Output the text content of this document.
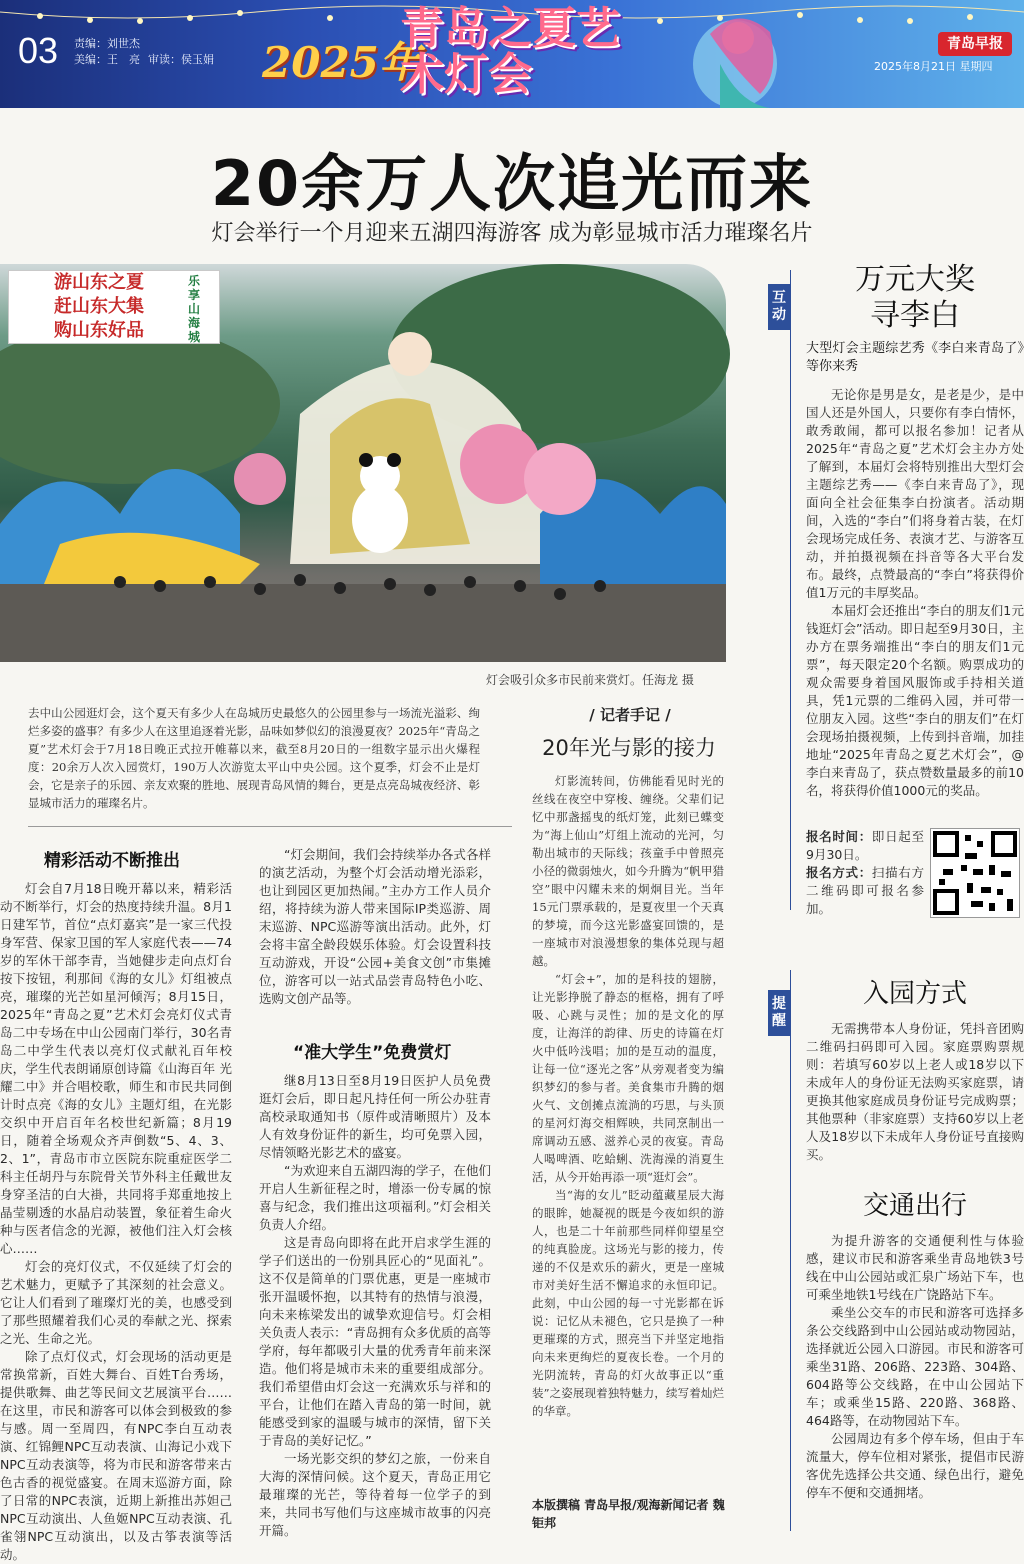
03 责编：刘世杰
美编：王　亮 审读：侯玉娟 2025年
青岛之夏艺术灯会
青岛早报
2025年8月21日 星期四
20余万人次追光而来
灯会举行一个月迎来五湖四海游客 成为彰显城市活力璀璨名片
游山东之夏
赶山东大集
购山东好品
乐享山海城
灯会吸引众多市民前来赏灯。任海龙 摄
去中山公园逛灯会，这个夏天有多少人在岛城历史最悠久的公园里参与一场流光溢彩、绚烂多姿的盛事？有多少人在这里追逐着光影，品味如梦似幻的浪漫夏夜？2025年“青岛之夏”艺术灯会于7月18日晚正式拉开帷幕以来，截至8月20日的一组数字显示出火爆程度：20余万人次入园赏灯，190万人次游览太平山中央公园。这个夏季，灯会不止是灯会，它是亲子的乐园、亲友欢聚的胜地、展现青岛风情的舞台，更是点亮岛城夜经济、彰显城市活力的璀璨名片。
精彩活动不断推出

灯会自7月18日晚开幕以来，精彩活动不断举行，灯会的热度持续升温。8月1日建军节，首位“点灯嘉宾”是一家三代投身军营、保家卫国的军人家庭代表——74岁的军休干部李青，当她健步走向点灯台按下按钮，利那间《海的女儿》灯组被点亮，璀璨的光芒如星河倾泻；8月15日，2025年“青岛之夏”艺术灯会亮灯仪式青岛二中专场在中山公园南门举行，30名青岛二中学生代表以亮灯仪式献礼百年校庆，学生代表朗诵原创诗篇《山海百年 光耀二中》并合唱校歌，师生和市民共同倒计时点亮《海的女儿》主题灯组，在光影交织中开启百年名校世纪新篇；8月19日，随着全场观众齐声倒数“5、4、3、2、1”，青岛市市立医院东院重症医学二科主任胡丹与东院骨关节外科主任戴世友身穿圣洁的白大褂，共同将手郑重地按上晶莹剔透的水晶启动装置，象征着生命火种与医者信念的光源，被他们注入灯会核心……

灯会的亮灯仪式，不仅延续了灯会的艺术魅力，更赋予了其深刻的社会意义。它让人们看到了璀璨灯光的美，也感受到了那些照耀着我们心灵的奉献之光、探索之光、生命之光。

除了点灯仪式，灯会现场的活动更是常换常新，百姓大舞台、百姓T台秀场，提供歌舞、曲艺等民间文艺展演平台……在这里，市民和游客可以体会到极致的参与感。周一至周四，有NPC李白互动表演、红锦鲤NPC互动表演、山海记小戏下NPC互动表演等，将为市民和游客带来古色古香的视觉盛宴。在周末巡游方面，除了日常的NPC表演，近期上新推出苏妲己NPC互动演出、人鱼姬NPC互动表演、孔雀翎NPC互动演出，以及古筝表演等活动。

“灯会期间，我们会持续举办各式各样的演艺活动，为整个灯会活动增光添彩，也让到园区更加热闹。”主办方工作人员介绍，将持续为游人带来国际IP类巡游、周末巡游、NPC巡游等演出活动。此外，灯会将丰富全龄段娱乐体验。灯会设置科技互动游戏，开设“公园+美食文创”市集摊位，游客可以一站式品尝青岛特色小吃、选购文创产品等。

“准大学生”免费赏灯

继8月13日至8月19日医护人员免费逛灯会后，即日起凡持任何一所公办驻青高校录取通知书（原件或清晰照片）及本人有效身份证件的新生，均可免票入园，尽情领略光影艺术的盛宴。

“为欢迎来自五湖四海的学子，在他们开启人生新征程之时，增添一份专属的惊喜与纪念，我们推出这项福利。”灯会相关负责人介绍。

这是青岛向即将在此开启求学生涯的学子们送出的一份别具匠心的“见面礼”。这不仅是简单的门票优惠，更是一座城市张开温暖怀抱，以其特有的热情与浪漫，向未来栋梁发出的诚挚欢迎信号。灯会相关负责人表示：“青岛拥有众多优质的高等学府，每年都吸引大量的优秀青年前来深造。他们将是城市未来的重要组成部分。我们希望借由灯会这一充满欢乐与祥和的平台，让他们在踏入青岛的第一时间，就能感受到家的温暖与城市的深情，留下关于青岛的美好记忆。”

一场光影交织的梦幻之旅，一份来自大海的深情问候。这个夏天，青岛正用它最璀璨的光芒，等待着每一位学子的到来，共同书写他们与这座城市故事的闪亮开篇。

/ 记者手记 /
20年光与影的接力

灯影流转间，仿佛能看见时光的丝线在夜空中穿梭、缠绕。父辈们记忆中那盏摇曳的纸灯笼，此刻已蝶变为“海上仙山”灯组上流动的光河，匀勒出城市的天际线；孩童手中曾照亮小径的微弱烛火，如今升腾为“帆甲猎空”眼中闪耀未来的炯炯目光。当年15元门票承载的，是夏夜里一个天真的梦境，而今这光影盛宴回馈的，是一座城市对浪漫想象的集体兑现与超越。

“灯会+”，加的是科技的翅膀，让光影挣脱了静态的框格，拥有了呼吸、心跳与灵性；加的是文化的厚度，让海洋的韵律、历史的诗篇在灯火中低吟浅唱；加的是互动的温度，让每一位“逐光之客”从旁观者变为编织梦幻的参与者。美食集市升腾的烟火气、文创摊点流淌的巧思，与头顶的星河灯海交相辉映，共同烹制出一席调动五感、滋养心灵的夜宴。青岛人喝啤酒、吃蛤蜊、洗海澡的消夏生活，从今开始再添一项“逛灯会”。

当“海的女儿”眨动蕴藏星辰大海的眼眸，她凝视的既是今夜如织的游人，也是二十年前那些同样仰望星空的纯真脸庞。这场光与影的接力，传递的不仅是欢乐的薪火，更是一座城市对美好生活不懈追求的永恒印记。此刻，中山公园的每一寸光影都在诉说：记忆从未褪色，它只是换了一种更璀璨的方式，照亮当下并坚定地指向未来更绚烂的夏夜长卷。一个月的光阴流转，青岛的灯火故事正以“重装”之姿展现着独特魅力，续写着灿烂的华章。

本版撰稿 青岛早报/观海新闻记者 魏钜邦
互动
万元大奖
寻李白
大型灯会主题综艺秀《李白来青岛了》等你来秀

无论你是男是女，是老是少，是中国人还是外国人，只要你有李白情怀，敢秀敢闹，都可以报名参加！记者从2025年“青岛之夏”艺术灯会主办方处了解到，本届灯会将特别推出大型灯会主题综艺秀——《李白来青岛了》，现面向全社会征集李白扮演者。活动期间，入选的“李白”们将身着古装，在灯会现场完成任务、表演才艺、与游客互动，并拍摄视频在抖音等各大平台发布。最终，点赞最高的“李白”将获得价值1万元的丰厚奖品。

本届灯会还推出“李白的朋友们1元钱逛灯会”活动。即日起至9月30日，主办方在票务端推出“李白的朋友们1元票”，每天限定20个名额。购票成功的观众需要身着国风服饰或手持相关道具，凭1元票的二维码入园，并可带一位朋友入园。这些“李白的朋友们”在灯会现场拍摄视频，上传到抖音端，加挂地址“2025年青岛之夏艺术灯会”，@李白来青岛了，获点赞数量最多的前10名，将获得价值1000元的奖品。

报名时间：即日起至9月30日。
报名方式：扫描右方二维码即可报名参加。
提醒
入园方式

无需携带本人身份证，凭抖音团购二维码扫码即可入园。家庭票购票规则：若填写60岁以上老人或18岁以下未成年人的身份证无法购买家庭票，请更换其他家庭成员身份证号完成购票；其他票种（非家庭票）支持60岁以上老人及18岁以下未成年人身份证号直接购买。

交通出行

为提升游客的交通便利性与体验感，建议市民和游客乘坐青岛地铁3号线在中山公园站或汇泉广场站下车，也可乘坐地铁1号线在广饶路站下车。

乘坐公交车的市民和游客可选择多条公交线路到中山公园站或动物园站，选择就近公园入口游园。市民和游客可乘坐31路、206路、223路、304路、604路等公交线路，在中山公园站下车；或乘坐15路、220路、368路、464路等，在动物园站下车。

公园周边有多个停车场，但由于车流量大，停车位相对紧张，提倡市民游客优先选择公共交通、绿色出行，避免停车不便和交通拥堵。
